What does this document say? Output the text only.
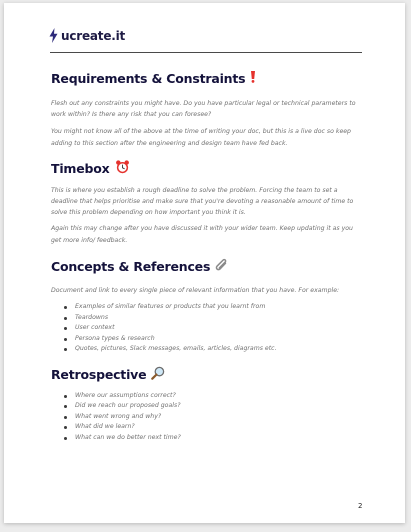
ucreate.it
Requirements & Constraints

Flesh out any constraints you might have. Do you have particular legal or technical parameters to work within? Is there any risk that you can foresee?

You might not know all of the above at the time of writing your doc, but this is a live doc so keep adding to this section after the engineering and design team have fed back.

Timebox

This is where you establish a rough deadline to solve the problem. Forcing the team to set a deadline that helps prioritise and make sure that you're devoting a reasonable amount of time to solve this problem depending on how important you think it is.

Again this may change after you have discussed it with your wider team. Keep updating it as you get more info/ feedback.

Concepts & References

Document and link to every single piece of relevant information that you have. For example:

Examples of similar features or products that you learnt from
Teardowns
User context
Persona types & research
Quotes, pictures, Slack messages, emails, articles, diagrams etc.
Retrospective
Where our assumptions correct?
Did we reach our proposed goals?
What went wrong and why?
What did we learn?
What can we do better next time?
2
